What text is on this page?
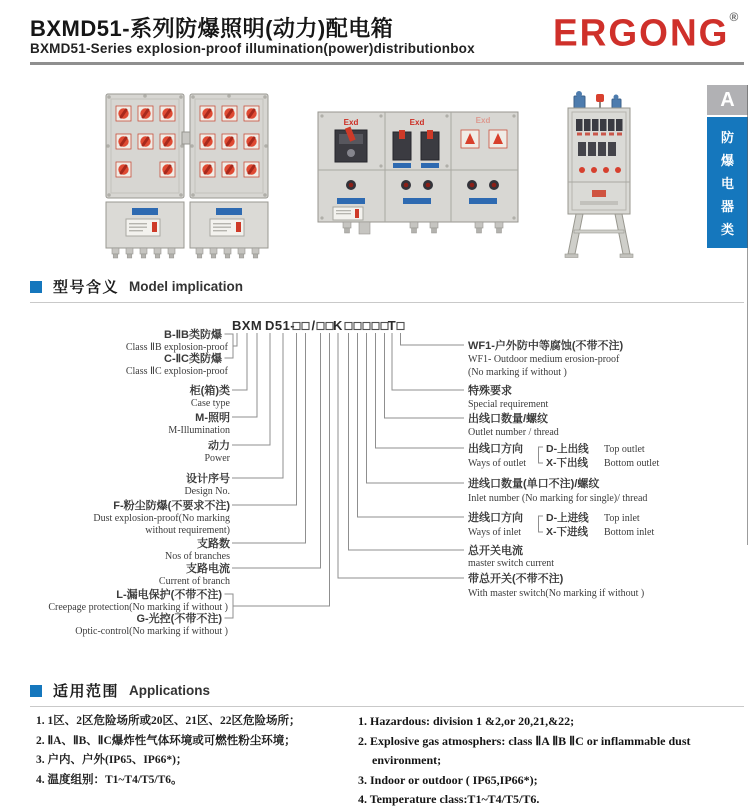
BXMD51-系列防爆照明(动力)配电箱
BXMD51-Series explosion-proof illumination(power)distributionbox ERGONG®
A
防
爆
电
器
类
Exd	Exd	Exd
型号含义 Model implication
B XM D 51- / K	T
B-ⅡB类防爆
Class ⅡB explosion-proof
C-ⅡC类防爆
Class ⅡC explosion-proof
柜(箱)类
Case type
M-照明
M-Illumination
动力
Power
设计序号
Design No.
F-粉尘防爆(不要求不注)
Dust explosion-proof(No marking
without requirement)
支路数
Nos of branches
支路电流
Current of branch
L-漏电保护(不带不注)
Creepage protection(No marking if without )
G-光控(不带不注)
Optic-control(No marking if without )
WF1-户外防中等腐蚀(不带不注)
WF1- Outdoor medium erosion-proof
(No marking if without )
特殊要求
Special requirement
出线口数量/螺纹
Outlet number / thread
出线口方向
Ways of outlet
D-上出线 Top outlet
X-下出线 Bottom outlet
进线口数量(单口不注)/螺纹
Inlet number (No marking for single)/ thread
进线口方向
Ways of inlet
D-上进线 Top inlet
X-下进线 Bottom inlet
总开关电流
master switch current
带总开关(不带不注)
With master switch(No marking if without )
适用范围 Applications

1. 1区、2区危险场所或20区、21区、22区危险场所；

2. ⅡA、ⅡB、ⅡC爆炸性气体环境或可燃性粉尘环境；

3. 户内、户外(IP65、IP66*)；

4. 温度组别：T1~T4/T5/T6。

1. Hazardous: division 1 &2,or 20,21,&22;

2. Explosive gas atmosphers: class ⅡA ⅡB ⅡC or inflammable dust environment;

3. Indoor or outdoor ( IP65,IP66*);

4. Temperature class:T1~T4/T5/T6.
